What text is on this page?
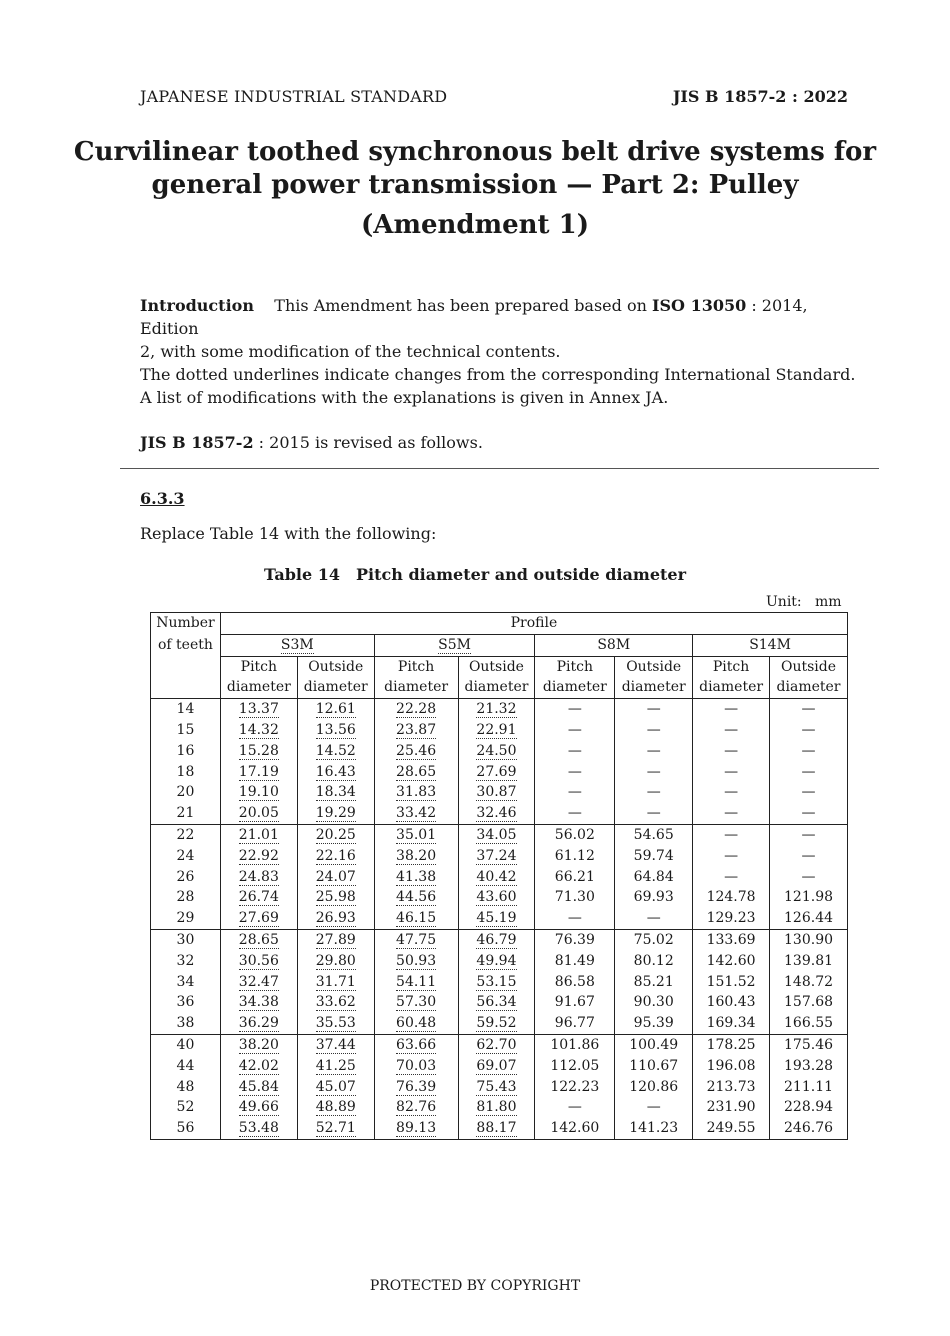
JAPANESE INDUSTRIAL STANDARD	JIS B 1857-2 : 2022
Curvilinear toothed synchronous belt drive systems for
general power transmission — Part 2: Pulley
(Amendment 1)
Introduction This Amendment has been prepared based on ISO 13050 : 2014, Edition
2, with some modification of the technical contents.
The dotted underlines indicate changes from the corresponding International Standard.
A list of modifications with the explanations is given in Annex JA.
JIS B 1857-2 : 2015 is revised as follows.
6.3.3
Replace Table 14 with the following:
Table 14 Pitch diameter and outside diameter
Unit:   mm
Number	Profile							
of teeth	S3M		S5M		S8M		S14M	
	Pitch	Outside	Pitch	Outside	Pitch	Outside	Pitch	Outside
	diameter	diameter	diameter	diameter	diameter	diameter	diameter	diameter
14	13.37	12.61	22.28	21.32	—	—	—	—
15	14.32	13.56	23.87	22.91	—	—	—	—
16	15.28	14.52	25.46	24.50	—	—	—	—
18	17.19	16.43	28.65	27.69	—	—	—	—
20	19.10	18.34	31.83	30.87	—	—	—	—
21	20.05	19.29	33.42	32.46	—	—	—	—
22	21.01	20.25	35.01	34.05	56.02	54.65	—	—
24	22.92	22.16	38.20	37.24	61.12	59.74	—	—
26	24.83	24.07	41.38	40.42	66.21	64.84	—	—
28	26.74	25.98	44.56	43.60	71.30	69.93	124.78	121.98
29	27.69	26.93	46.15	45.19	—	—	129.23	126.44
30	28.65	27.89	47.75	46.79	76.39	75.02	133.69	130.90
32	30.56	29.80	50.93	49.94	81.49	80.12	142.60	139.81
34	32.47	31.71	54.11	53.15	86.58	85.21	151.52	148.72
36	34.38	33.62	57.30	56.34	91.67	90.30	160.43	157.68
38	36.29	35.53	60.48	59.52	96.77	95.39	169.34	166.55
40	38.20	37.44	63.66	62.70	101.86	100.49	178.25	175.46
44	42.02	41.25	70.03	69.07	112.05	110.67	196.08	193.28
48	45.84	45.07	76.39	75.43	122.23	120.86	213.73	211.11
52	49.66	48.89	82.76	81.80	—	—	231.90	228.94
56	53.48	52.71	89.13	88.17	142.60	141.23	249.55	246.76
PROTECTED BY COPYRIGHT
